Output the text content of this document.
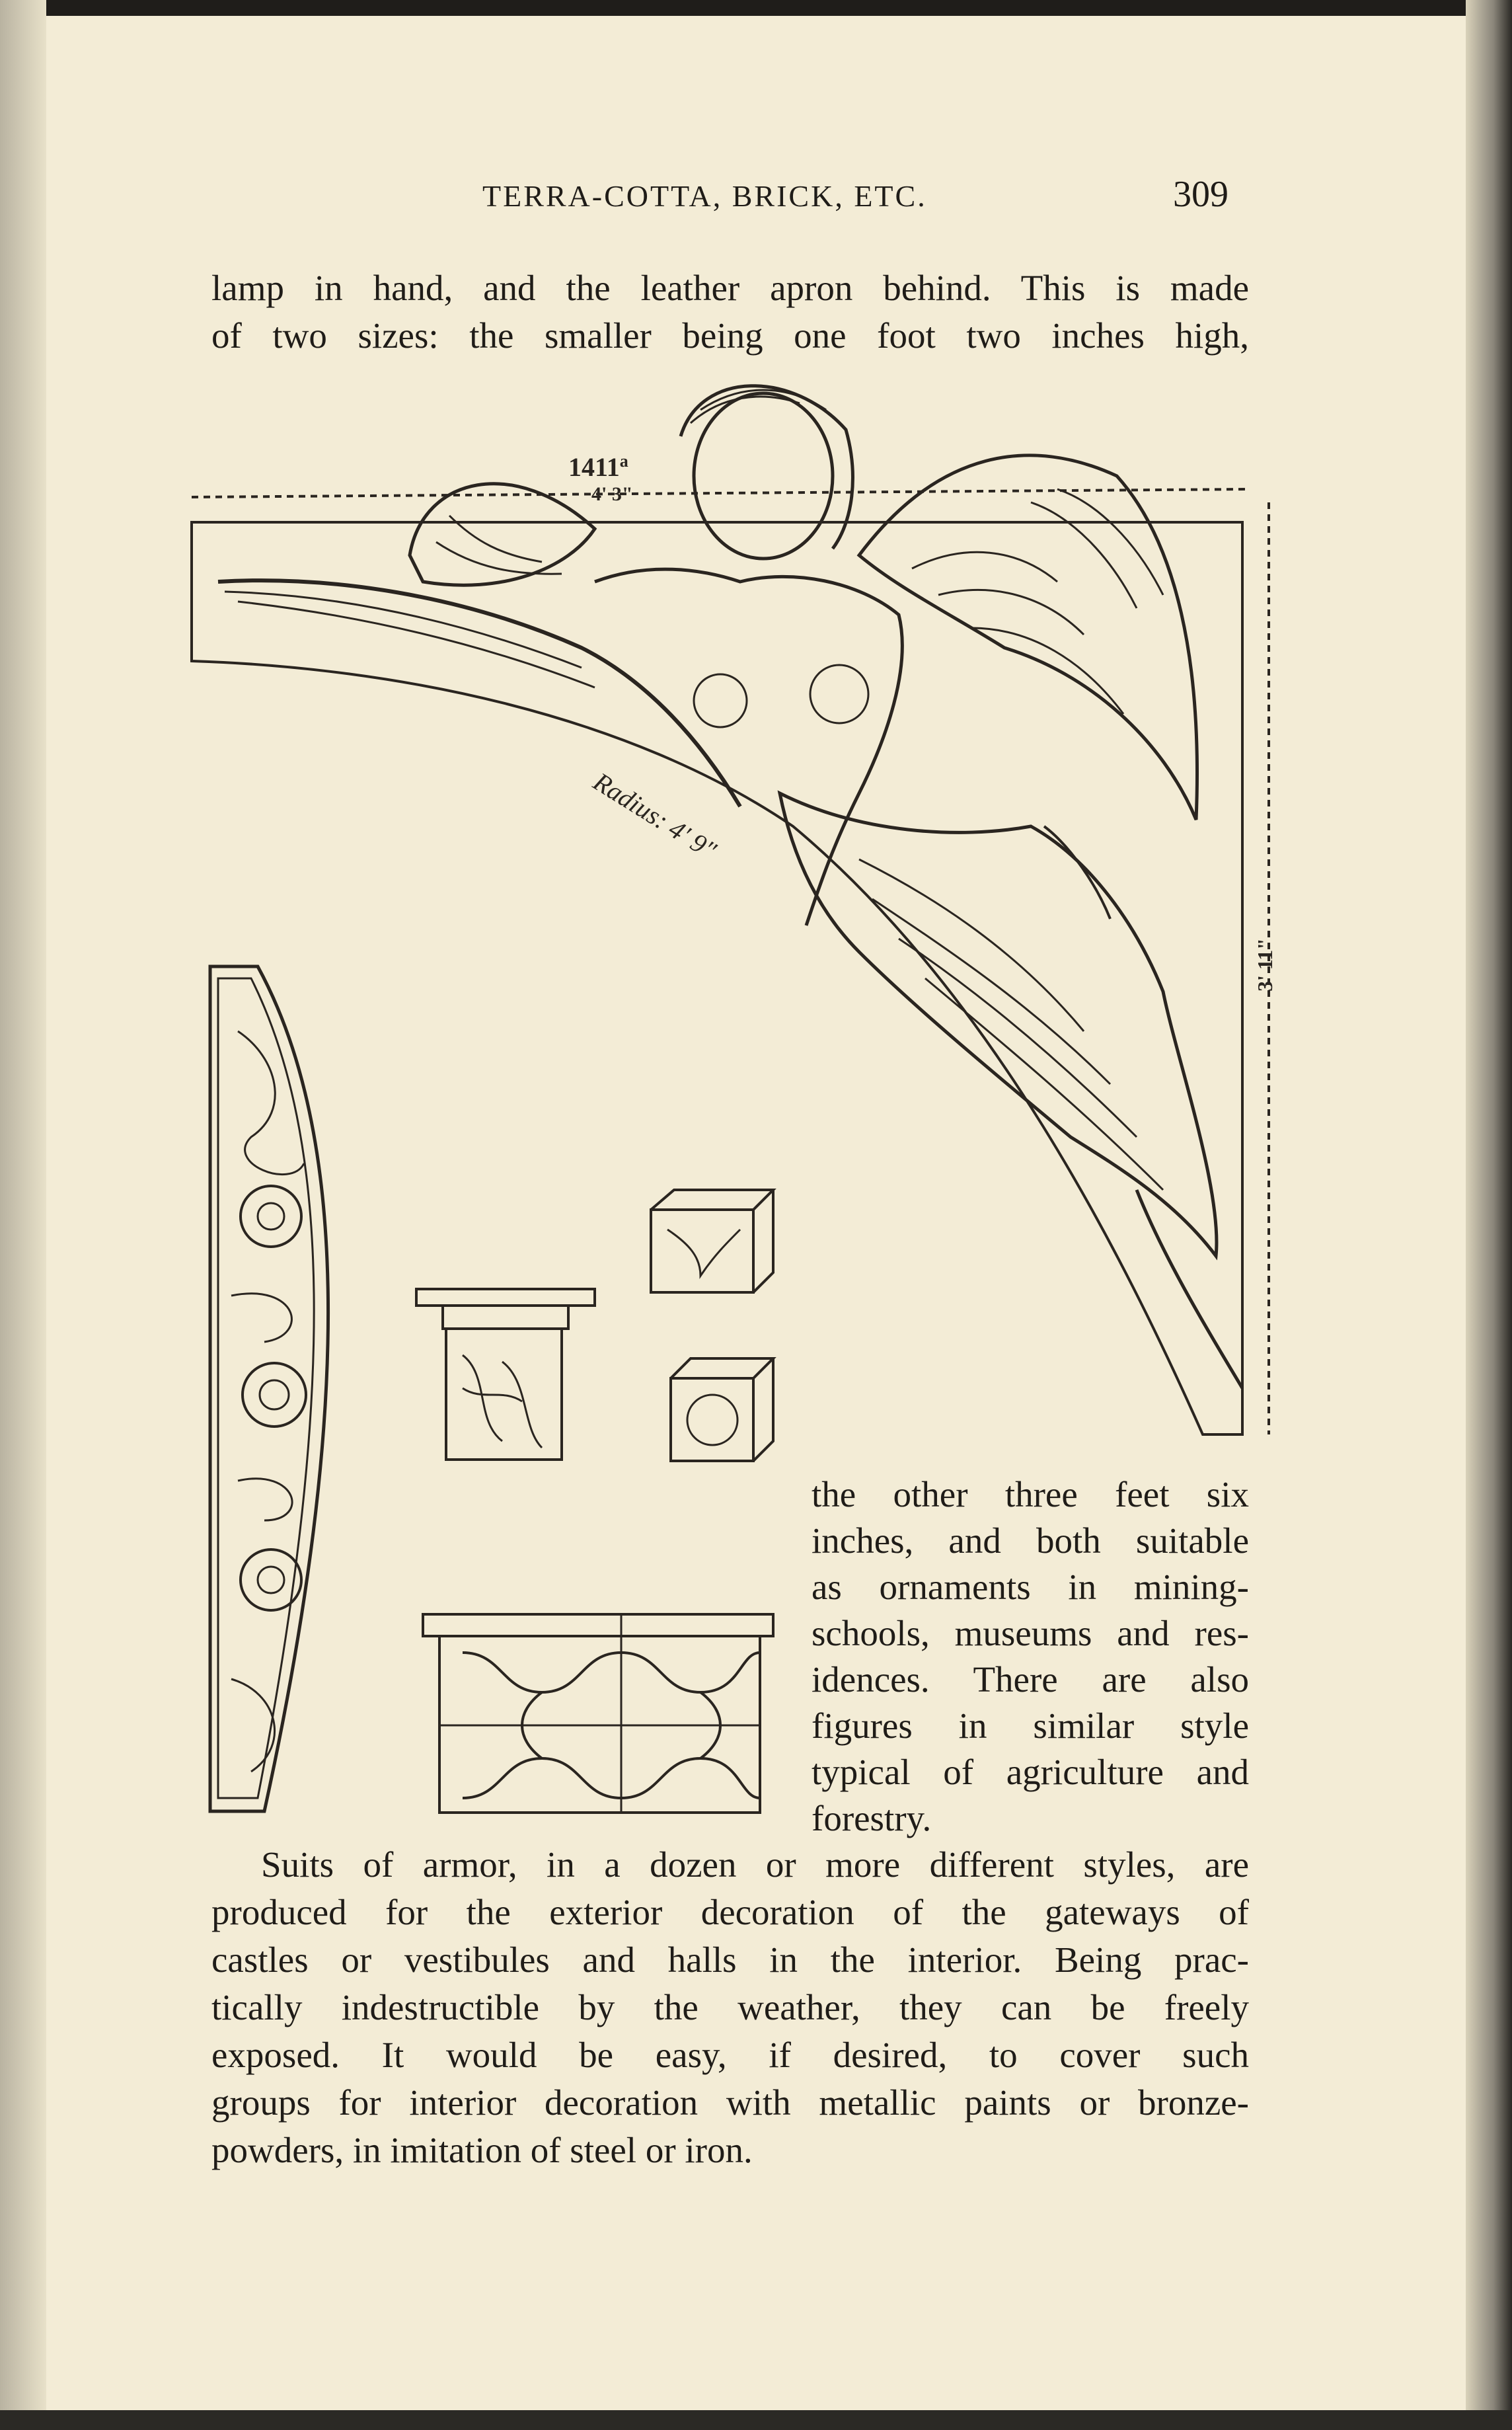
TERRA-COTTA, BRICK, ETC.	309
lamp in hand, and the leather apron behind. This is made
of two sizes: the smaller being one foot two inches high,
1411$^a$
4' 3"
3' 11"
Radius: 4' 9"
the other three feet six
inches, and both suitable
as ornaments in mining-
schools, museums and res-
idences. There are also
figures in similar style
typical of agriculture and
forestry.
Suits of armor, in a dozen or more different styles, are
produced for the exterior decoration of the gateways of
castles or vestibules and halls in the interior. Being prac-
tically indestructible by the weather, they can be freely
exposed. It would be easy, if desired, to cover such
groups for interior decoration with metallic paints or bronze-
powders, in imitation of steel or iron.
